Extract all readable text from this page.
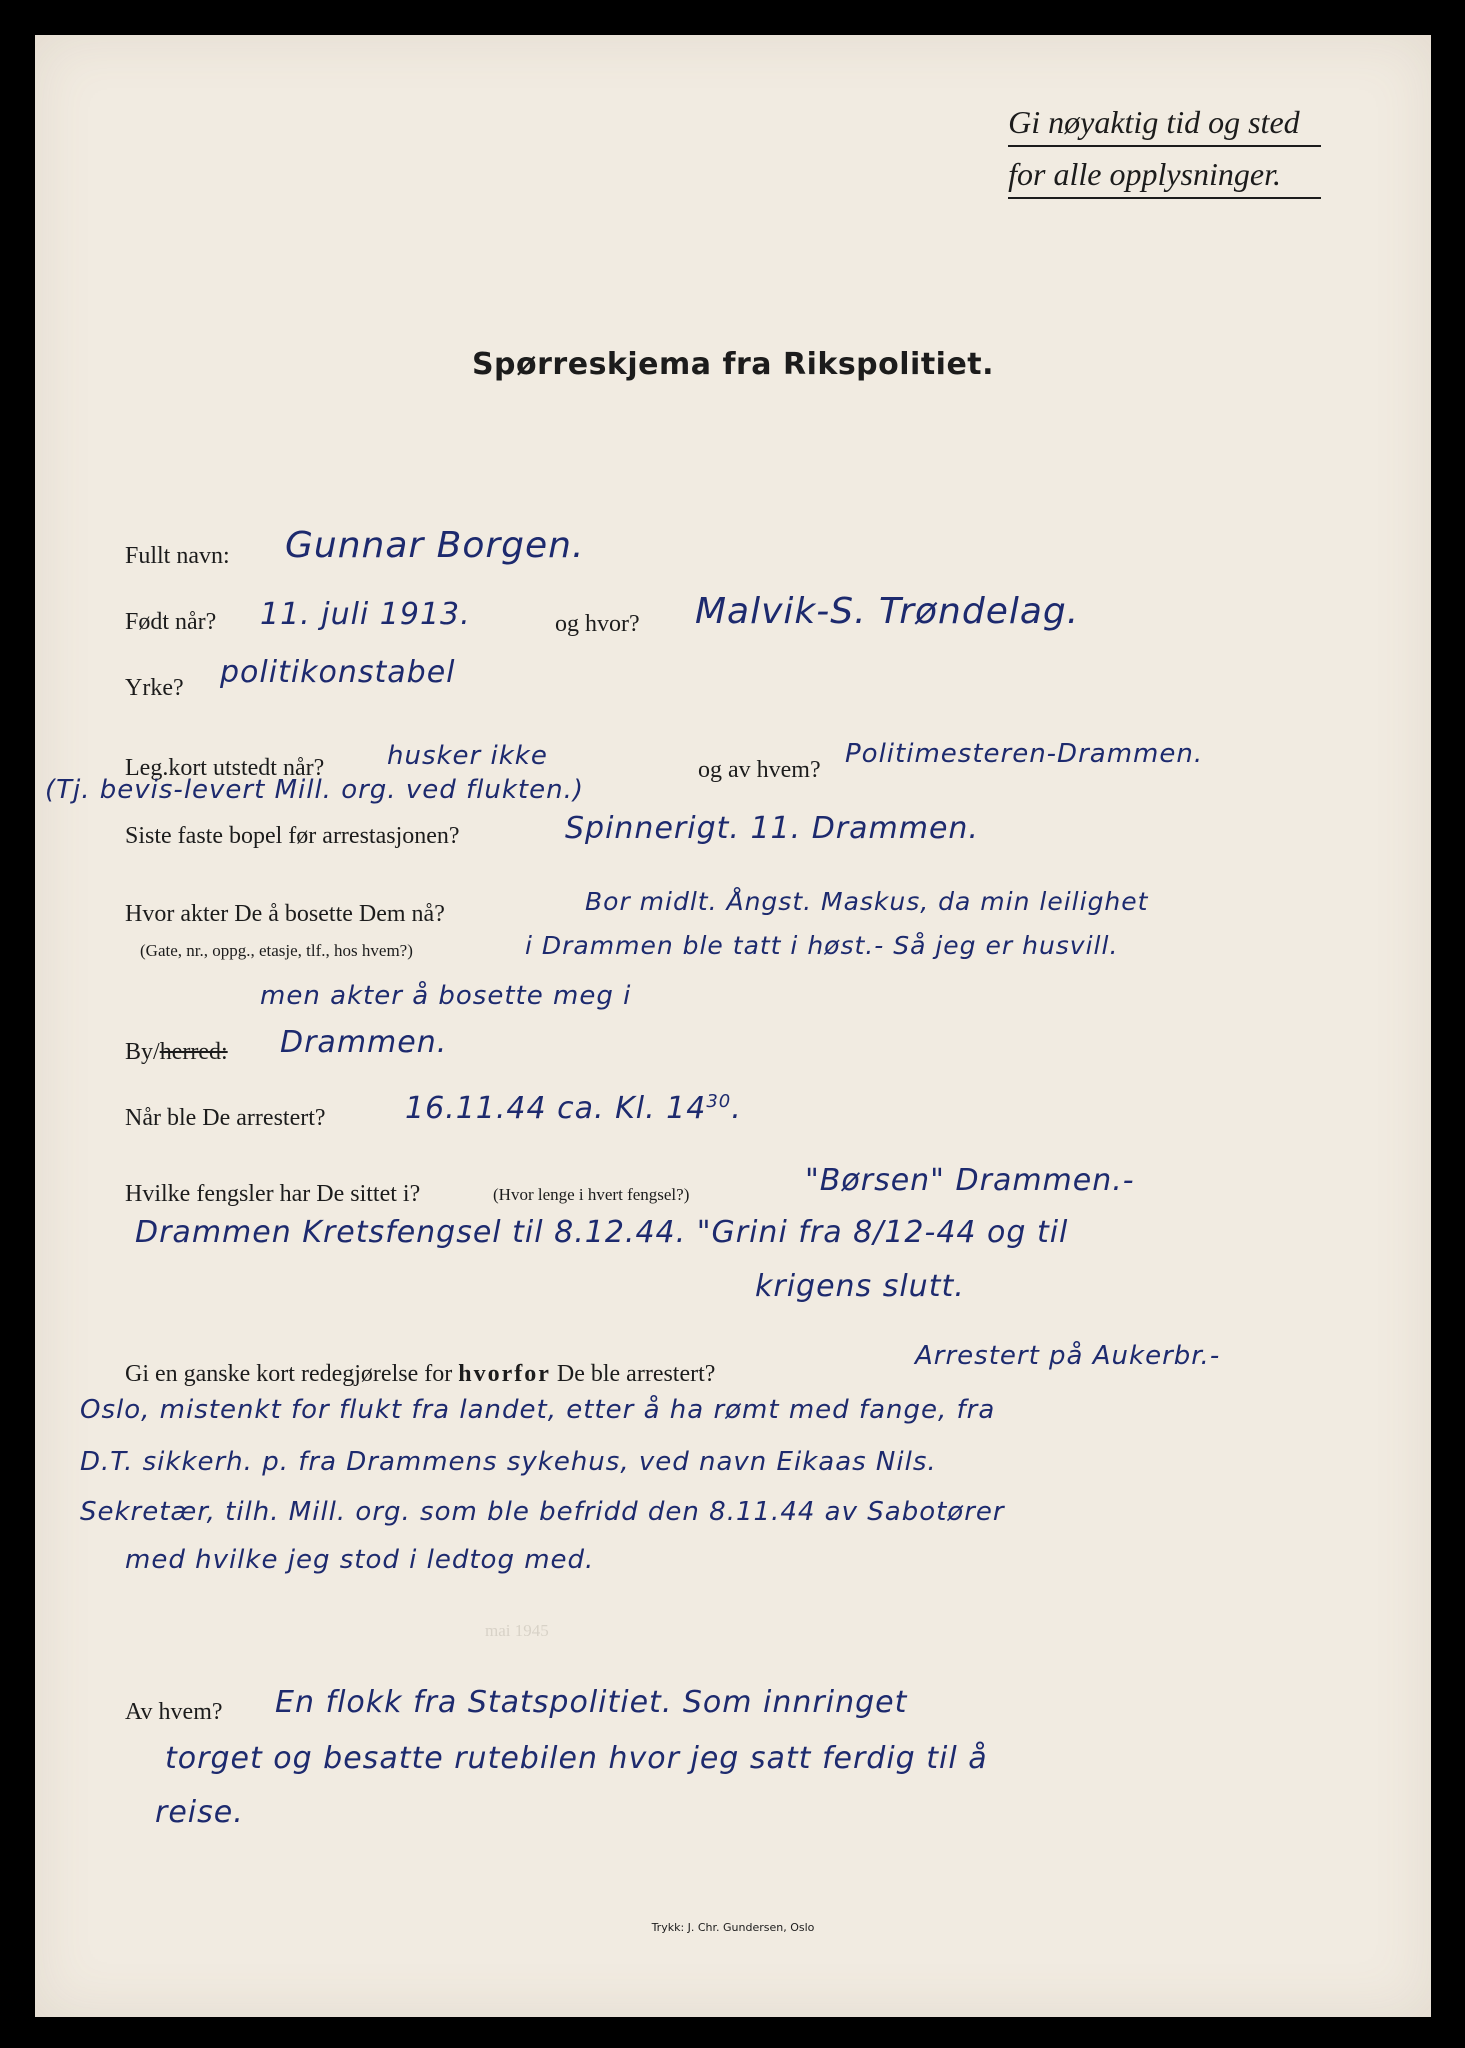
Gi nøyaktig tid og sted
for alle opplysninger.
Spørreskjema fra Rikspolitiet.
Fullt navn: Gunnar Borgen.
Født når? 11. juli 1913.	og hvor? Malvik-S. Trøndelag.
Yrke? politikonstabel
Leg.kort utstedt når? husker ikke	og av hvem?
Politimesteren-Drammen.
(Tj. bevis-levert Mill. org. ved flukten.)
Siste faste bopel før arrestasjonen?	Spinnerigt. 11. Drammen.
Hvor akter De å bosette Dem nå?
(Gate, nr., oppg., etasje, tlf., hos hvem?)
Bor midlt. Ångst. Maskus, da min leilighet
i Drammen ble tatt i høst.- Så jeg er husvill.
men akter å bosette meg i
By/herred: Drammen.
Når ble De arrestert?	16.11.44 ca. Kl. $14^{30}$.
Hvilke fengsler har De sittet i?	(Hvor lenge i hvert fengsel?)	"Børsen" Drammen.-
Drammen Kretsfengsel til 8.12.44. "Grini fra 8/12-44 og til
krigens slutt.
Gi en ganske kort redegjørelse for hvorfor De ble arrestert?
Arrestert på Aukerbr.-
Oslo, mistenkt for flukt fra landet, etter å ha rømt med fange, fra
D.T. sikkerh. p. fra Drammens sykehus, ved navn Eikaas Nils.
Sekretær, tilh. Mill. org. som ble befridd den 8.11.44 av Sabotører
med hvilke jeg stod i ledtog med.
mai 1945
Av hvem? En flokk fra Statspolitiet. Som innringet
torget og besatte rutebilen hvor jeg satt ferdig til å
reise.
Trykk: J. Chr. Gundersen, Oslo
